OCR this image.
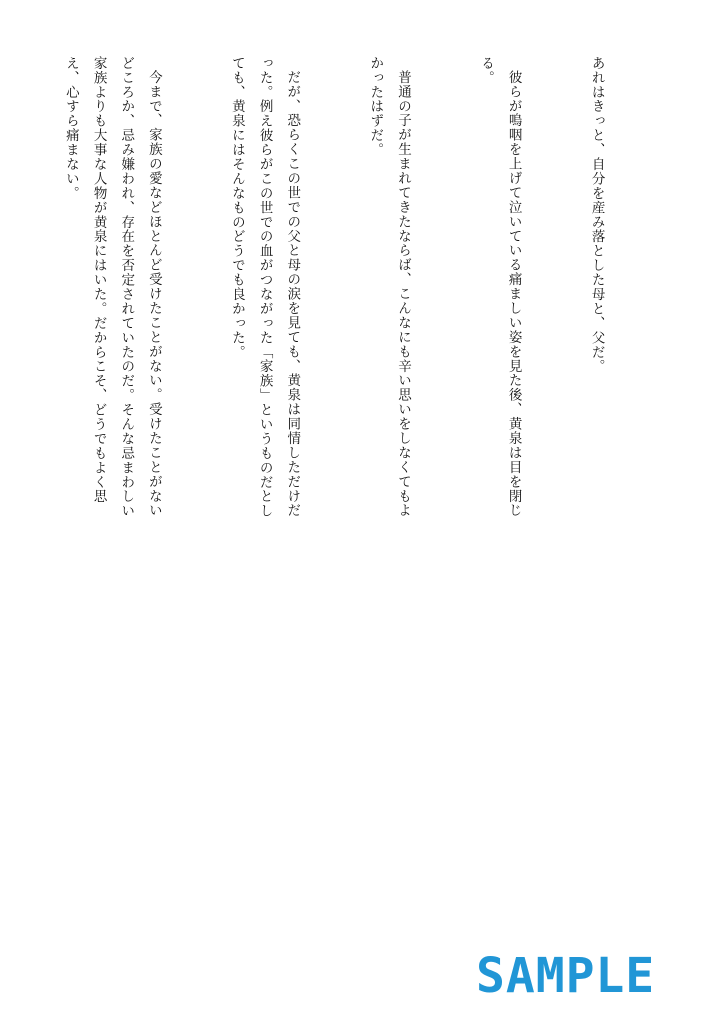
あれはきっと、自分を産み落とした母と、父だ。

彼らが嗚咽を上げて泣いている痛ましい姿を見た後、黄泉は目を閉じる。

普通の子が生まれてきたならば、こんなにも辛い思いをしなくてもよかったはずだ。

だが、恐らくこの世での父と母の涙を見ても、黄泉は同情しただけだった。例え彼らがこの世での血がつながった「家族」というものだとしても、黄泉にはそんなものどうでも良かった。

今まで、家族の愛などほとんど受けたことがない。受けたことがないどころか、忌み嫌われ、存在を否定されていたのだ。そんな忌まわしい家族よりも大事な人物が黄泉にはいた。だからこそ、どうでもよく思え、心すら痛まない。

SAMPLE
